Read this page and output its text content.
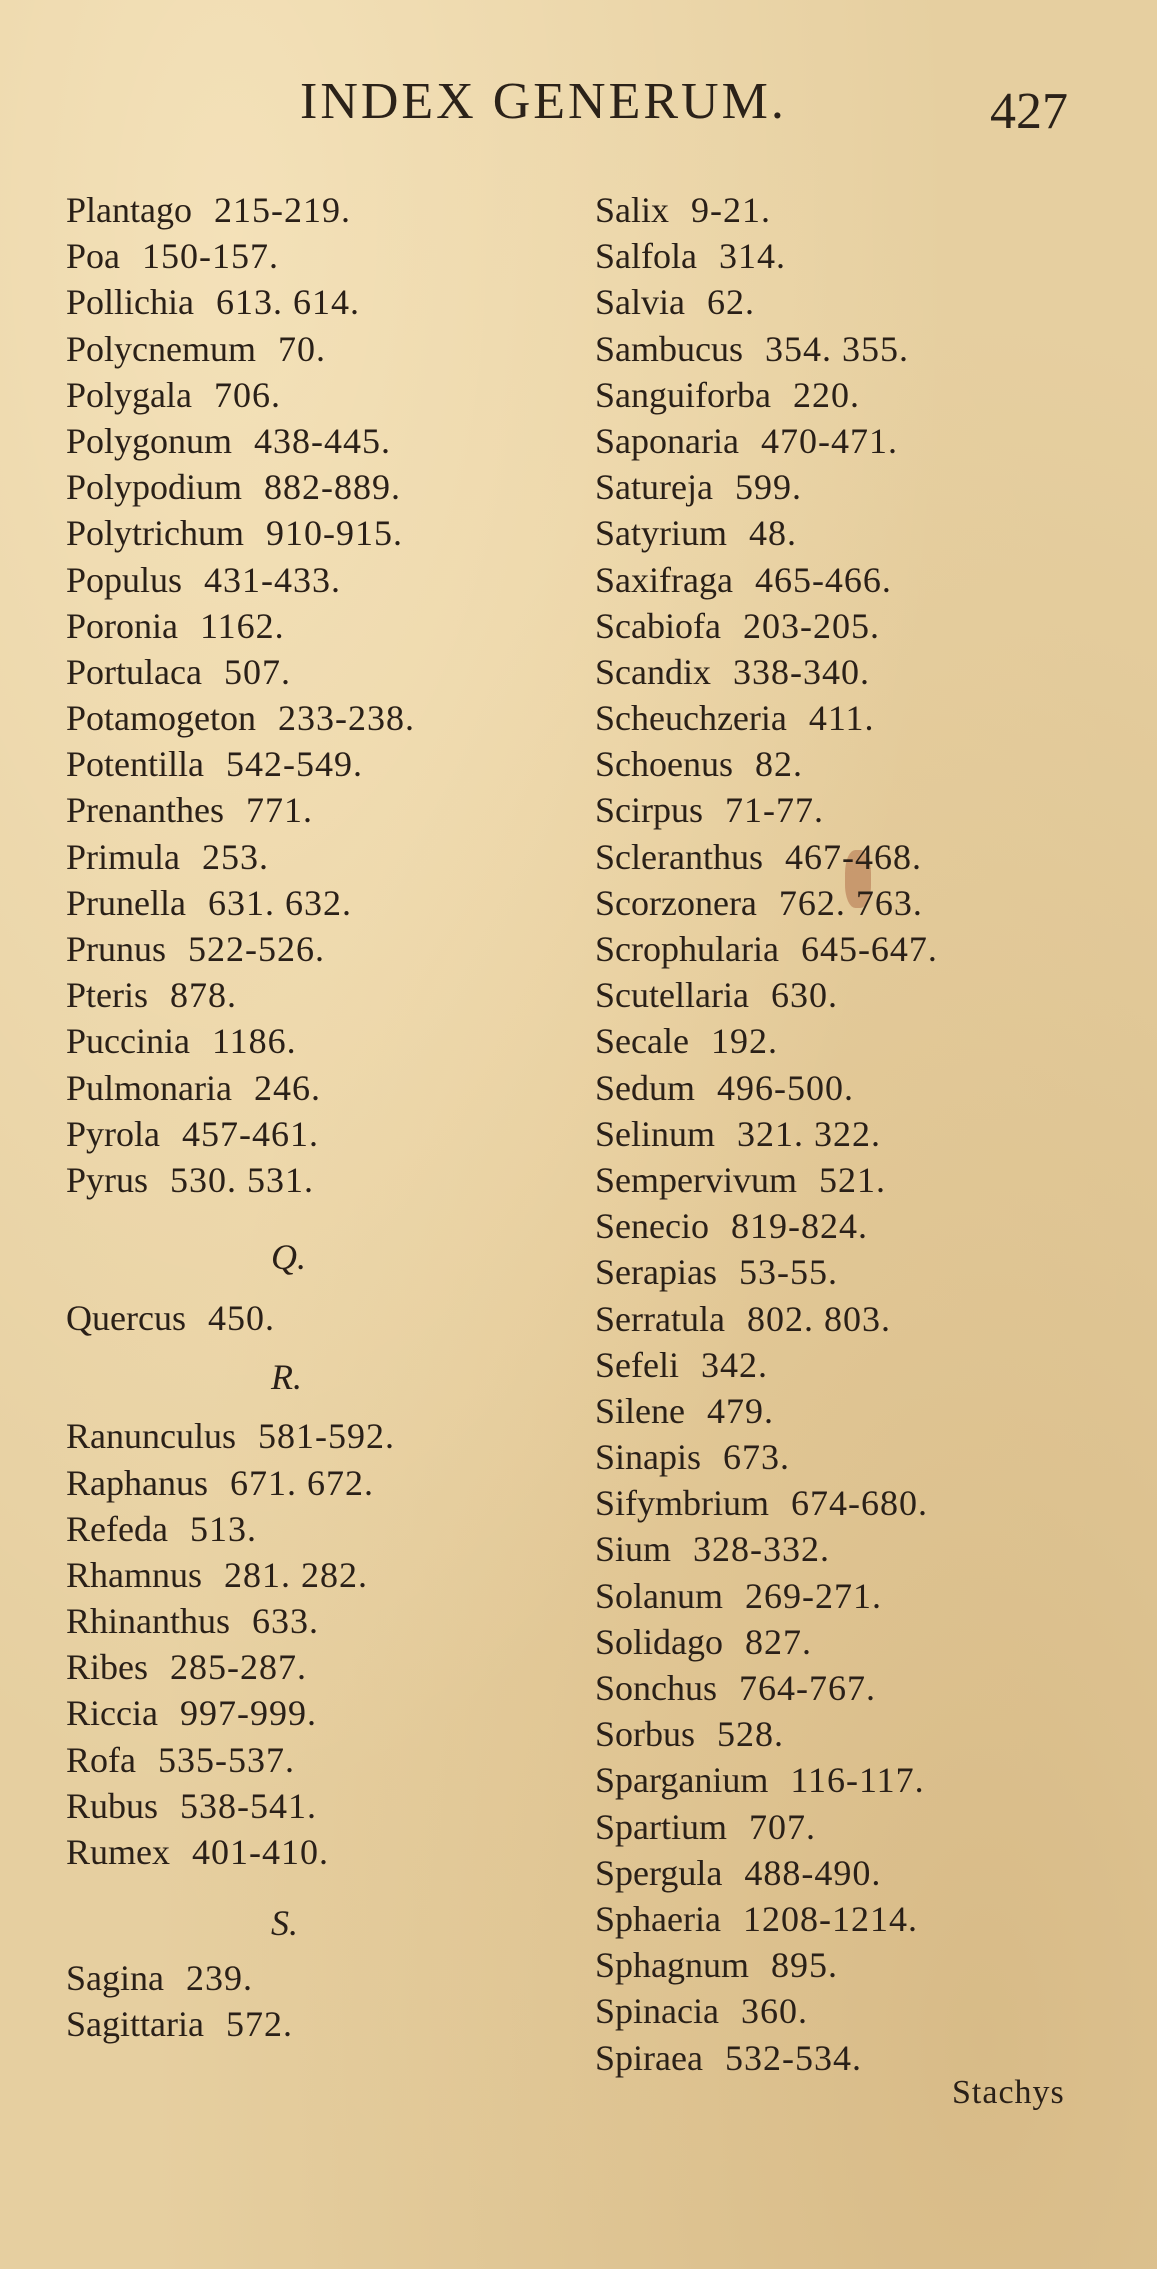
INDEX GENERUM.	427
Plantago 215-219.
Poa 150-157.
Pollichia 613. 614.
Polycnemum 70.
Polygala 706.
Polygonum 438-445.
Polypodium 882-889.
Polytrichum 910-915.
Populus 431-433.
Poronia 1162.
Portulaca 507.
Potamogeton 233-238.
Potentilla 542-549.
Prenanthes 771.
Primula 253.
Prunella 631. 632.
Prunus 522-526.
Pteris 878.
Puccinia 1186.
Pulmonaria 246.
Pyrola 457-461.
Pyrus 530. 531.
Q.
Quercus 450.
R.
Ranunculus 581-592.
Raphanus 671. 672.
Refeda 513.
Rhamnus 281. 282.
Rhinanthus 633.
Ribes 285-287.
Riccia 997-999.
Rofa 535-537.
Rubus 538-541.
Rumex 401-410.
S.
Sagina 239.
Sagittaria 572.
Salix 9-21.
Salfola 314.
Salvia 62.
Sambucus 354. 355.
Sanguiforba 220.
Saponaria 470-471.
Satureja 599.
Satyrium 48.
Saxifraga 465-466.
Scabiofa 203-205.
Scandix 338-340.
Scheuchzeria 411.
Schoenus 82.
Scirpus 71-77.
Scleranthus 467-468.
Scorzonera 762. 763.
Scrophularia 645-647.
Scutellaria 630.
Secale 192.
Sedum 496-500.
Selinum 321. 322.
Sempervivum 521.
Senecio 819-824.
Serapias 53-55.
Serratula 802. 803.
Sefeli 342.
Silene 479.
Sinapis 673.
Sifymbrium 674-680.
Sium 328-332.
Solanum 269-271.
Solidago 827.
Sonchus 764-767.
Sorbus 528.
Sparganium 116-117.
Spartium 707.
Spergula 488-490.
Sphaeria 1208-1214.
Sphagnum 895.
Spinacia 360.
Spiraea 532-534.
Stachys
